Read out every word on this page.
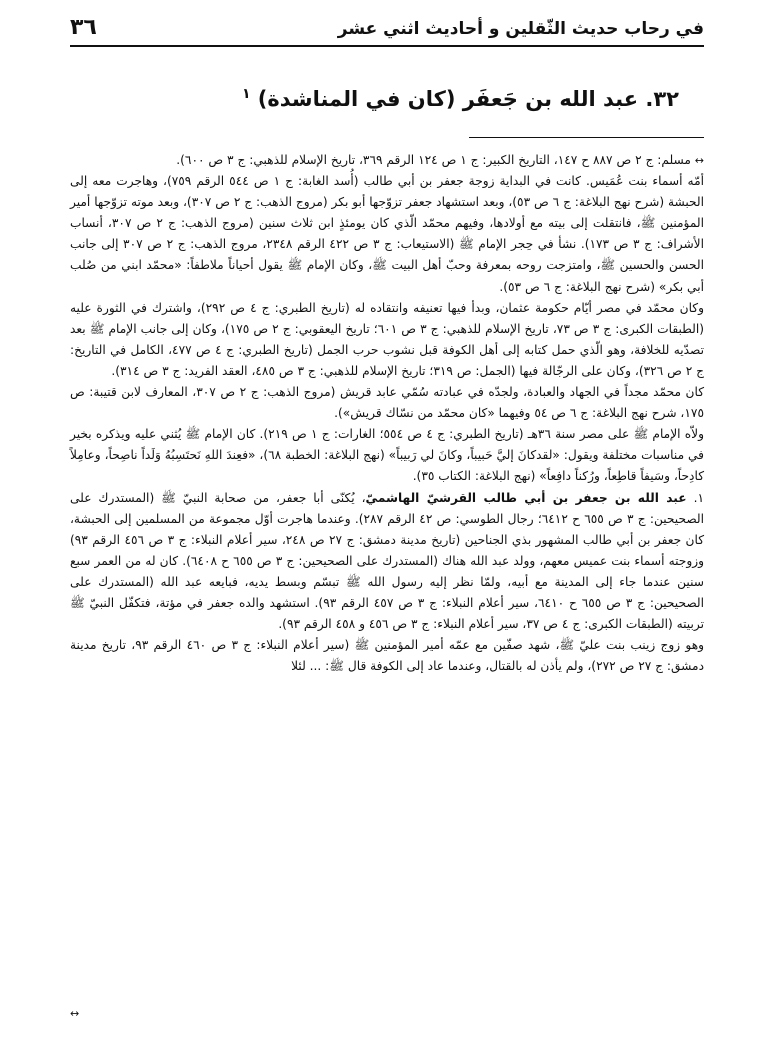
في رحاب حديث الثّقلين و أحاديث اثني عشر
٣٦
٣٢. عبد الله بن جَعفَر (كان في المناشدة) $^١$

↔ مسلم: ج ٢ ص ٨٨٧ ح ١٤٧، التاريخ الكبير: ج ١ ص ١٢٤ الرقم ٣٦٩، تاريخ الإسلام للذهبي: ج ٣ ص ٦٠٠).

أمّه أسماء بنت عُمَيس. كانت في البداية زوجة جعفر بن أبي طالب (أُسد الغابة: ج ١ ص ٥٤٤ الرقم ٧٥٩)، وهاجرت معه إلى الحبشة (شرح نهج البلاغة: ج ٦ ص ٥٣)، وبعد استشهاد جعفر تزوّجها أبو بكر (مروج الذهب: ج ٢ ص ٣٠٧)، وبعد موته تزوّجها أمير المؤمنين ﷺ، فانتقلت إلى بيته مع أولادها، وفيهم محمّد الّذي كان يومئذٍ ابن ثلاث سنين (مروج الذهب: ج ٢ ص ٣٠٧، أنساب الأشراف: ج ٣ ص ١٧٣). نشأ في حِجر الإمام ﷺ (الاستيعاب: ج ٣ ص ٤٢٢ الرقم ٢٣٤٨، مروج الذهب: ج ٢ ص ٣٠٧ إلى جانب الحسن والحسين ﷺ، وامتزجت روحه بمعرفة وحبّ أهل البيت ﷺ، وكان الإمام ﷺ يقول أحياناً ملاطفاً: «محمّد ابني من صُلب أبي بكر» (شرح نهج البلاغة: ج ٦ ص ٥٣).

وكان محمّد في مصر أيّام حكومة عثمان، وبدأ فيها تعنيفه وانتقاده له (تاريخ الطبري: ج ٤ ص ٢٩٢)، واشترك في الثورة عليه (الطبقات الكبرى: ج ٣ ص ٧٣، تاريخ الإسلام للذهبي: ج ٣ ص ٦٠١؛ تاريخ اليعقوبي: ج ٢ ص ١٧٥)، وكان إلى جانب الإمام ﷺ بعد تصدّيه للخلافة، وهو الّذي حمل كتابه إلى أهل الكوفة قبل نشوب حرب الجمل (تاريخ الطبري: ج ٤ ص ٤٧٧، الكامل في التاريخ: ج ٢ ص ٣٢٦)، وكان على الرجّالة فيها (الجمل: ص ٣١٩؛ تاريخ الإسلام للذهبي: ج ٣ ص ٤٨٥، العقد الفريد: ج ٣ ص ٣١٤).

كان محمّد مجداً في الجهاد والعبادة، ولجدّه في عبادته سُمّي عابد قريش (مروج الذهب: ج ٢ ص ٣٠٧، المعارف لابن قتيبة: ص ١٧٥، شرح نهج البلاغة: ج ٦ ص ٥٤ وفيهما «كان محمّد من نسّاك قريش»).

ولاّه الإمام ﷺ على مصر سنة ٣٦هـ (تاريخ الطبري: ج ٤ ص ٥٥٤؛ الغارات: ج ١ ص ٢١٩). كان الإمام ﷺ يُثني عليه ويذكره بخير في مناسبات مختلفة ويقول: «لقدكانَ إليَّ حَبيباً، وكانَ لي رَبيباً» (نهج البلاغة: الخطبة ٦٨)، «فعِندَ اللهِ نَحتَسِبُهُ وَلَداً ناصِحاً، وعامِلاً كادِحاً، وسَيفاً قاطِعاً، ورُكناً دافِعاً» (نهج البلاغة: الكتاب ٣٥).

١. عبد الله بن جعفر بن أبي طالب القرشيّ الهاشميّ، يُكنّى أبا جعفر، من صحابة النبيّ ﷺ (المستدرك على الصحيحين: ج ٣ ص ٦٥٥ ح ٦٤١٢؛ رجال الطوسي: ص ٤٢ الرقم ٢٨٧). وعندما هاجرت أوّل مجموعة من المسلمين إلى الحبشة، كان جعفر بن أبي طالب المشهور بذي الجناحين (تاريخ مدينة دمشق: ج ٢٧ ص ٢٤٨، سير أعلام النبلاء: ج ٣ ص ٤٥٦ الرقم ٩٣) وزوجته أسماء بنت عميس معهم، وولد عبد الله هناك (المستدرك على الصحيحين: ج ٣ ص ٦٥٥ ح ٦٤٠٨). كان له من العمر سبع سنين عندما جاء إلى المدينة مع أبيه، ولمّا نظر إليه رسول الله ﷺ تبسّم وبسط يديه، فبايعه عبد الله (المستدرك على الصحيحين: ج ٣ ص ٦٥٥ ح ٦٤١٠، سير أعلام النبلاء: ج ٣ ص ٤٥٧ الرقم ٩٣). استشهد والده جعفر في مؤتة، فتكفّل النبيّ ﷺ تربيته (الطبقات الكبرى: ج ٤ ص ٣٧، سير أعلام النبلاء: ج ٣ ص ٤٥٦ و ٤٥٨ الرقم ٩٣).

وهو زوج زينب بنت عليّ ﷺ، شهد صفّين مع عمّه أمير المؤمنين ﷺ (سير أعلام النبلاء: ج ٣ ص ٤٦٠ الرقم ٩٣، تاريخ مدينة دمشق: ج ٢٧ ص ٢٧٢)، ولم يأذن له بالقتال، وعندما عاد إلى الكوفة قال ﷺ: ... لئلا

↔
